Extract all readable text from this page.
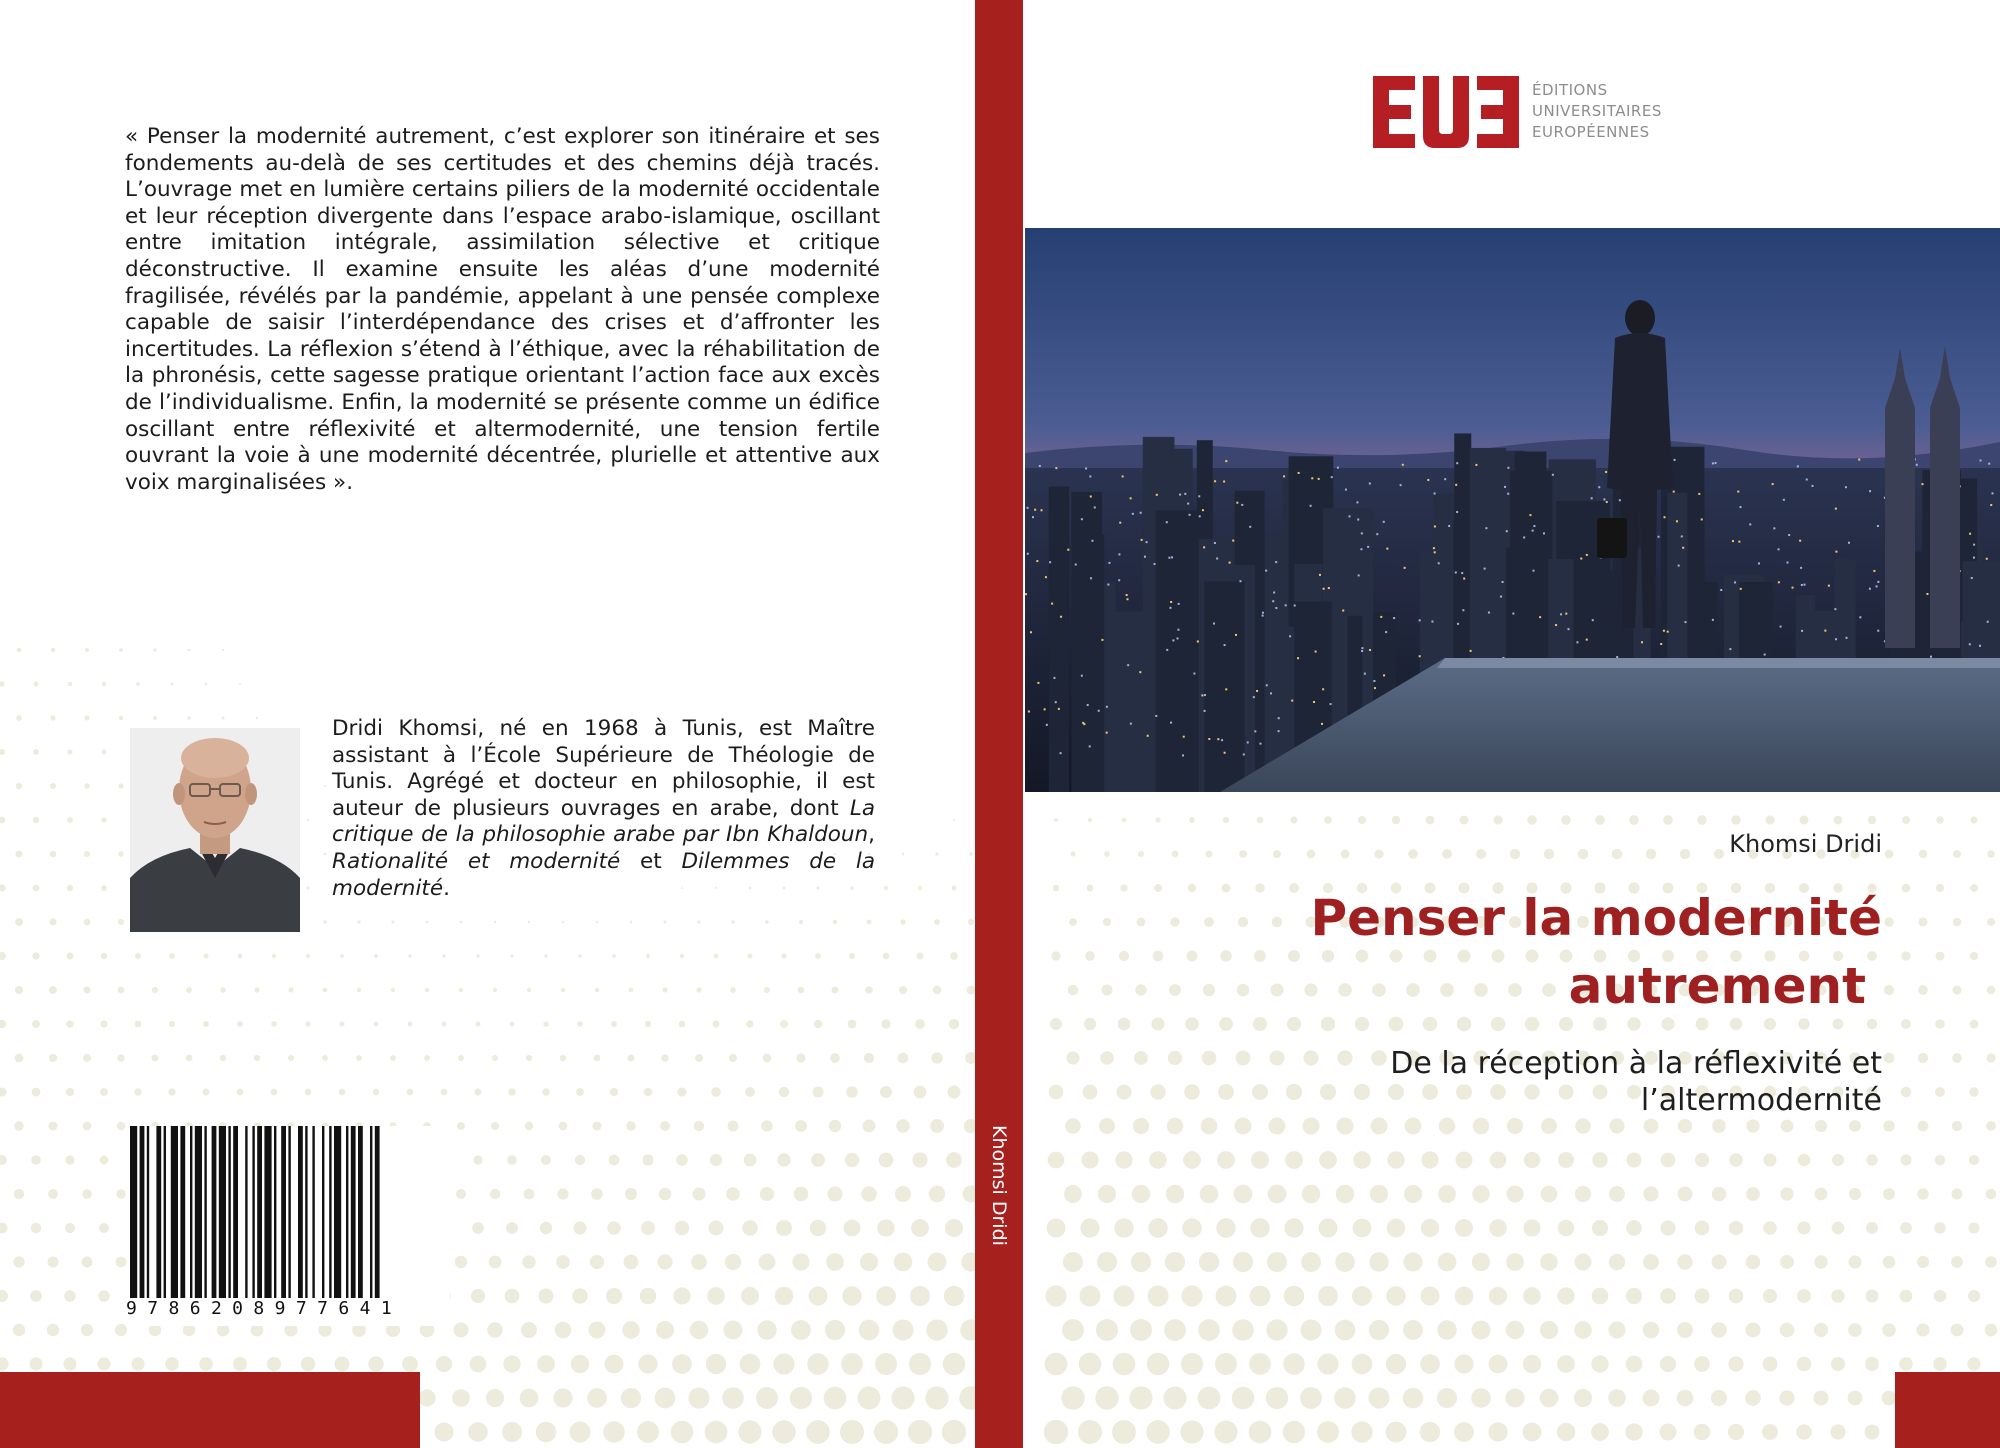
« Penser la modernité autrement, c’est explorer son itinéraire et ses fondements au-delà de ses certitudes et des chemins déjà tracés. L’ouvrage met en lumière certains piliers de la modernité occidentale et leur réception divergente dans l’espace arabo-islamique, oscillant entre imitation intégrale, assimilation sélective et critique déconstructive. Il examine ensuite les aléas d’une modernité fragilisée, révélés par la pandémie, appelant à une pensée complexe capable de saisir l’interdépendance des crises et d’affronter les incertitudes. La réflexion s’étend à l’éthique, avec la réhabilitation de la phronésis, cette sagesse pratique orientant l’action face aux excès de l’individualisme. Enfin, la modernité se présente comme un édifice oscillant entre réflexivité et altermodernité, une tension fertile ouvrant la voie à une modernité décentrée, plurielle et attentive aux voix marginalisées ».
Dridi Khomsi, né en 1968 à Tunis, est Maître assistant à l’École Supérieure de Théologie de Tunis. Agrégé et docteur en philosophie, il est auteur de plusieurs ouvrages en arabe, dont La critique de la philosophie arabe par Ibn Khaldoun, Rationalité et modernité et Dilemmes de la modernité.
9786208977641
Khomsi Dridi
ÉDITIONS
UNIVERSITAIRES
EUROPÉENNES
Khomsi Dridi
Penser la modernité
autrement
De la réception à la réflexivité et
l’altermodernité
